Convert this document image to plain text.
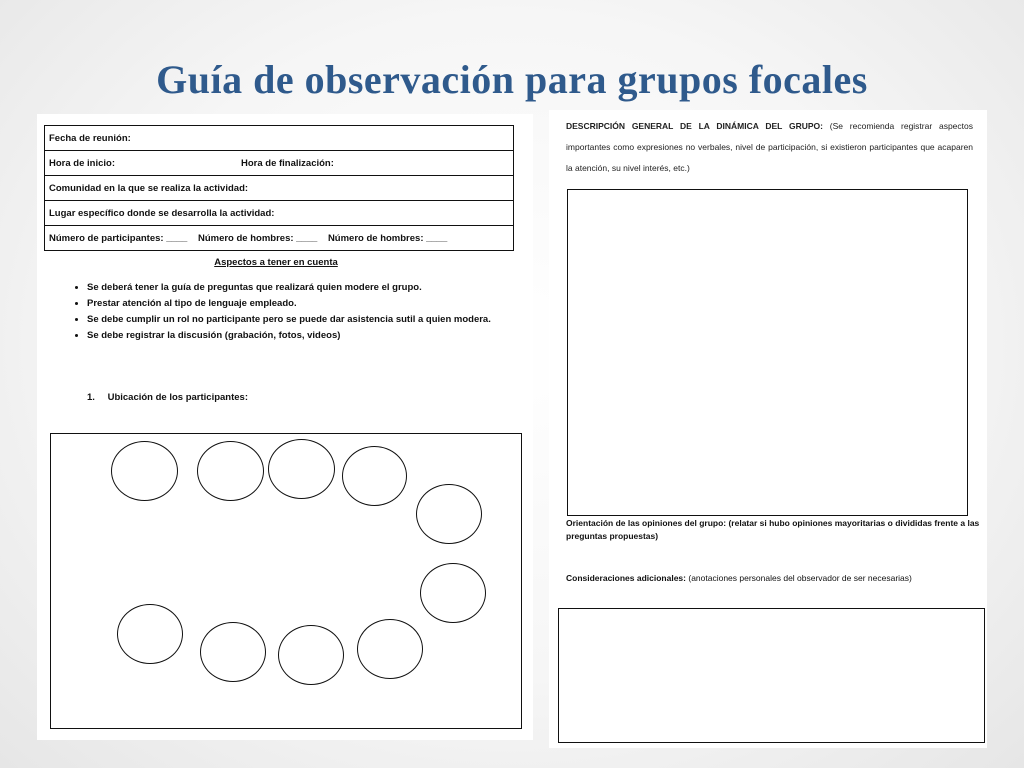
Guía de observación para grupos focales
Fecha de reunión:

Hora de inicio:	Hora de finalización:

Comunidad en la que se realiza la actividad:
Lugar específico donde se desarrolla la actividad:

Número de participantes: ____ Número de hombres: ____ Número de hombres: ____
Aspectos a tener en cuenta
• Se deberá tener la guía de preguntas que realizará quien modere el grupo.
• Prestar atención al tipo de lenguaje empleado.
• Se debe cumplir un rol no participante pero se puede dar asistencia sutil a quien modera.
• Se debe registrar la discusión (grabación, fotos, videos)
1. Ubicación de los participantes:
DESCRIPCIÓN GENERAL DE LA DINÁMICA DEL GRUPO: (Se recomienda registrar aspectos importantes como expresiones no verbales, nivel de participación, si existieron participantes que acaparen la atención, su nivel interés, etc.)
Orientación de las opiniones del grupo: (relatar si hubo opiniones mayoritarias o divididas frente a las preguntas propuestas)
Consideraciones adicionales: (anotaciones personales del observador de ser necesarias)
